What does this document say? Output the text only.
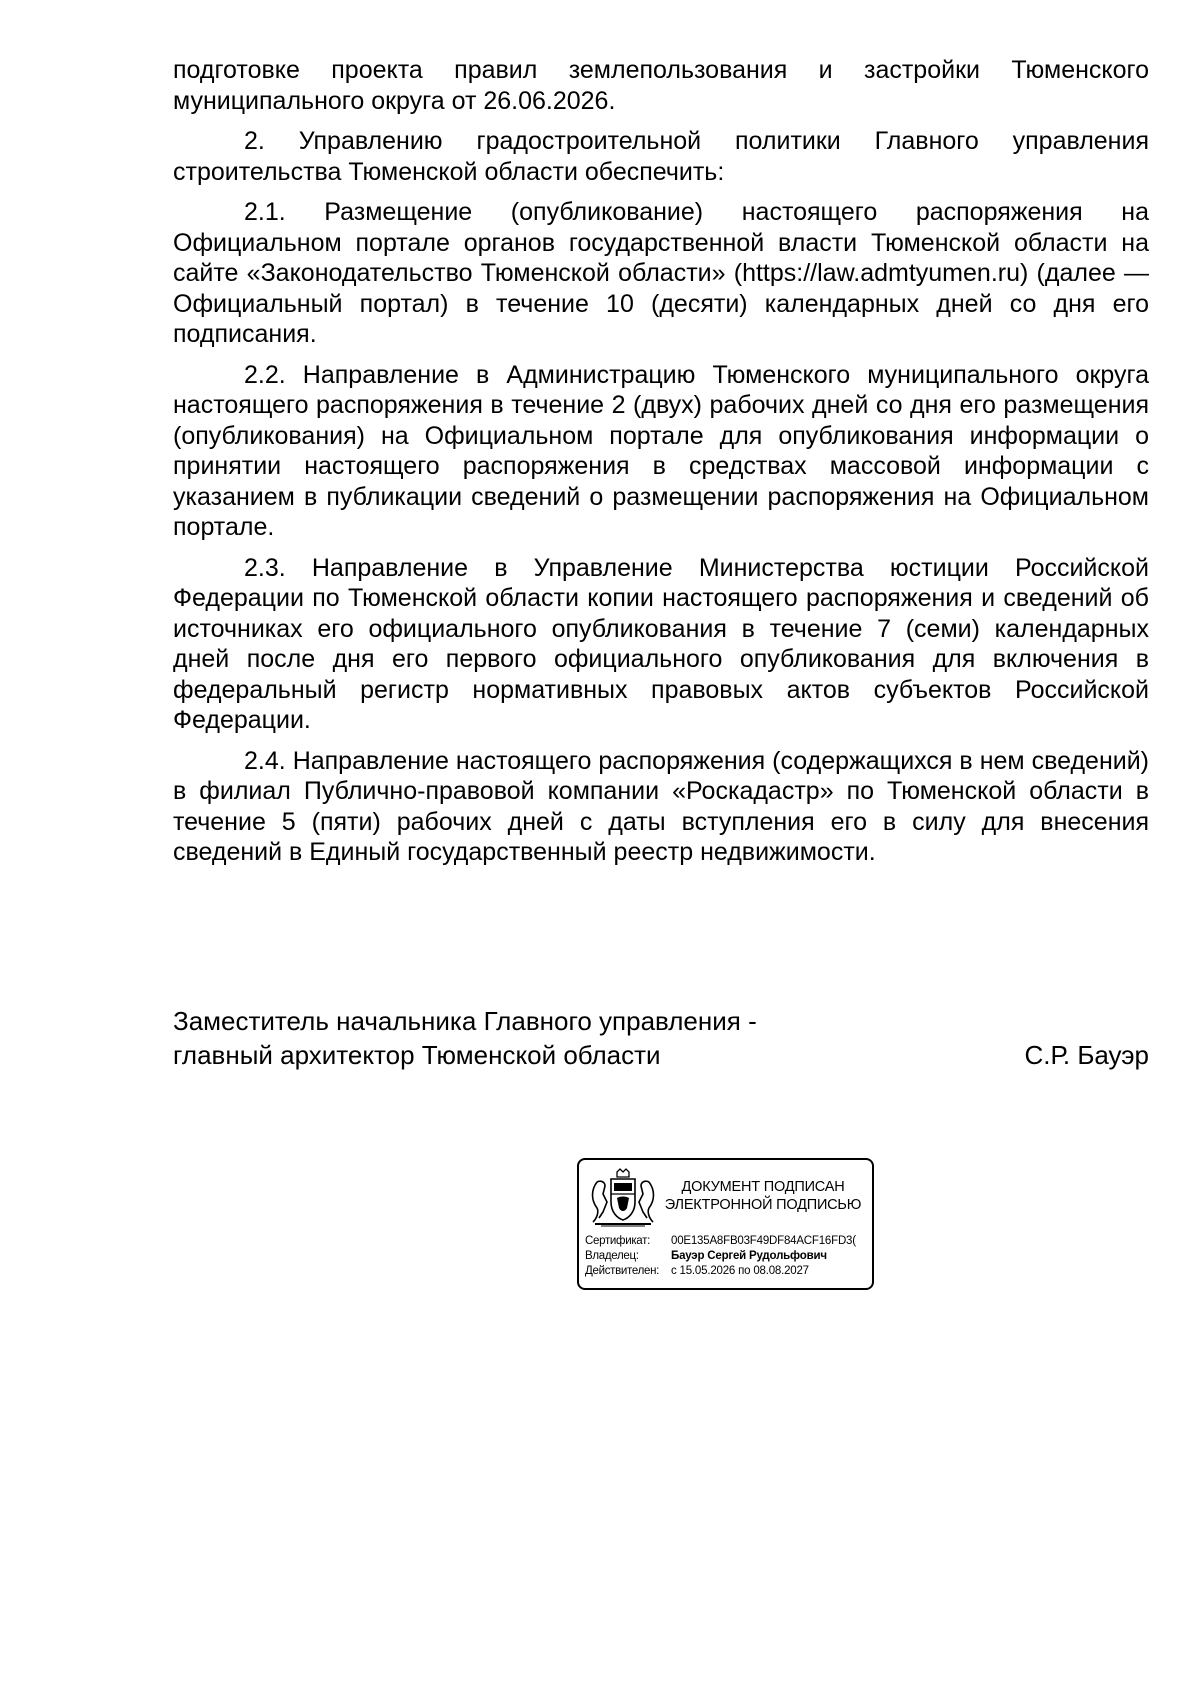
подготовке проекта правил землепользования и застройки Тюменского муниципального округа от 26.06.2026.

2. Управлению градостроительной политики Главного управления строительства Тюменской области обеспечить:

2.1. Размещение (опубликование) настоящего распоряжения на Официальном портале органов государственной власти Тюменской области на сайте «Законодательство Тюменской области» (https://law.admtyumen.ru) (далее — Официальный портал) в течение 10 (десяти) календарных дней со дня его подписания.

2.2. Направление в Администрацию Тюменского муниципального округа настоящего распоряжения в течение 2 (двух) рабочих дней со дня его размещения (опубликования) на Официальном портале для опубликования информации о принятии настоящего распоряжения в средствах массовой информации с указанием в публикации сведений о размещении распоряжения на Официальном портале.

2.3. Направление в Управление Министерства юстиции Российской Федерации по Тюменской области копии настоящего распоряжения и сведений об источниках его официального опубликования в течение 7 (семи) календарных дней после дня его первого официального опубликования для включения в федеральный регистр нормативных правовых актов субъектов Российской Федерации.

2.4. Направление настоящего распоряжения (содержащихся в нем сведений) в филиал Публично-правовой компании «Роскадастр» по Тюменской области в течение 5 (пяти) рабочих дней с даты вступления его в силу для внесения сведений в Единый государственный реестр недвижимости.

Заместитель начальника Главного управления -
главный архитектор Тюменской области	С.Р. Бауэр
ДОКУМЕНТ ПОДПИСАН
ЭЛЕКТРОННОЙ ПОДПИСЬЮ
Сертификат:	00E135A8FB03F49DF84ACF16FD3(
Владелец:	Бауэр Сергей Рудольфович
Действителен:	с 15.05.2026 по 08.08.2027
